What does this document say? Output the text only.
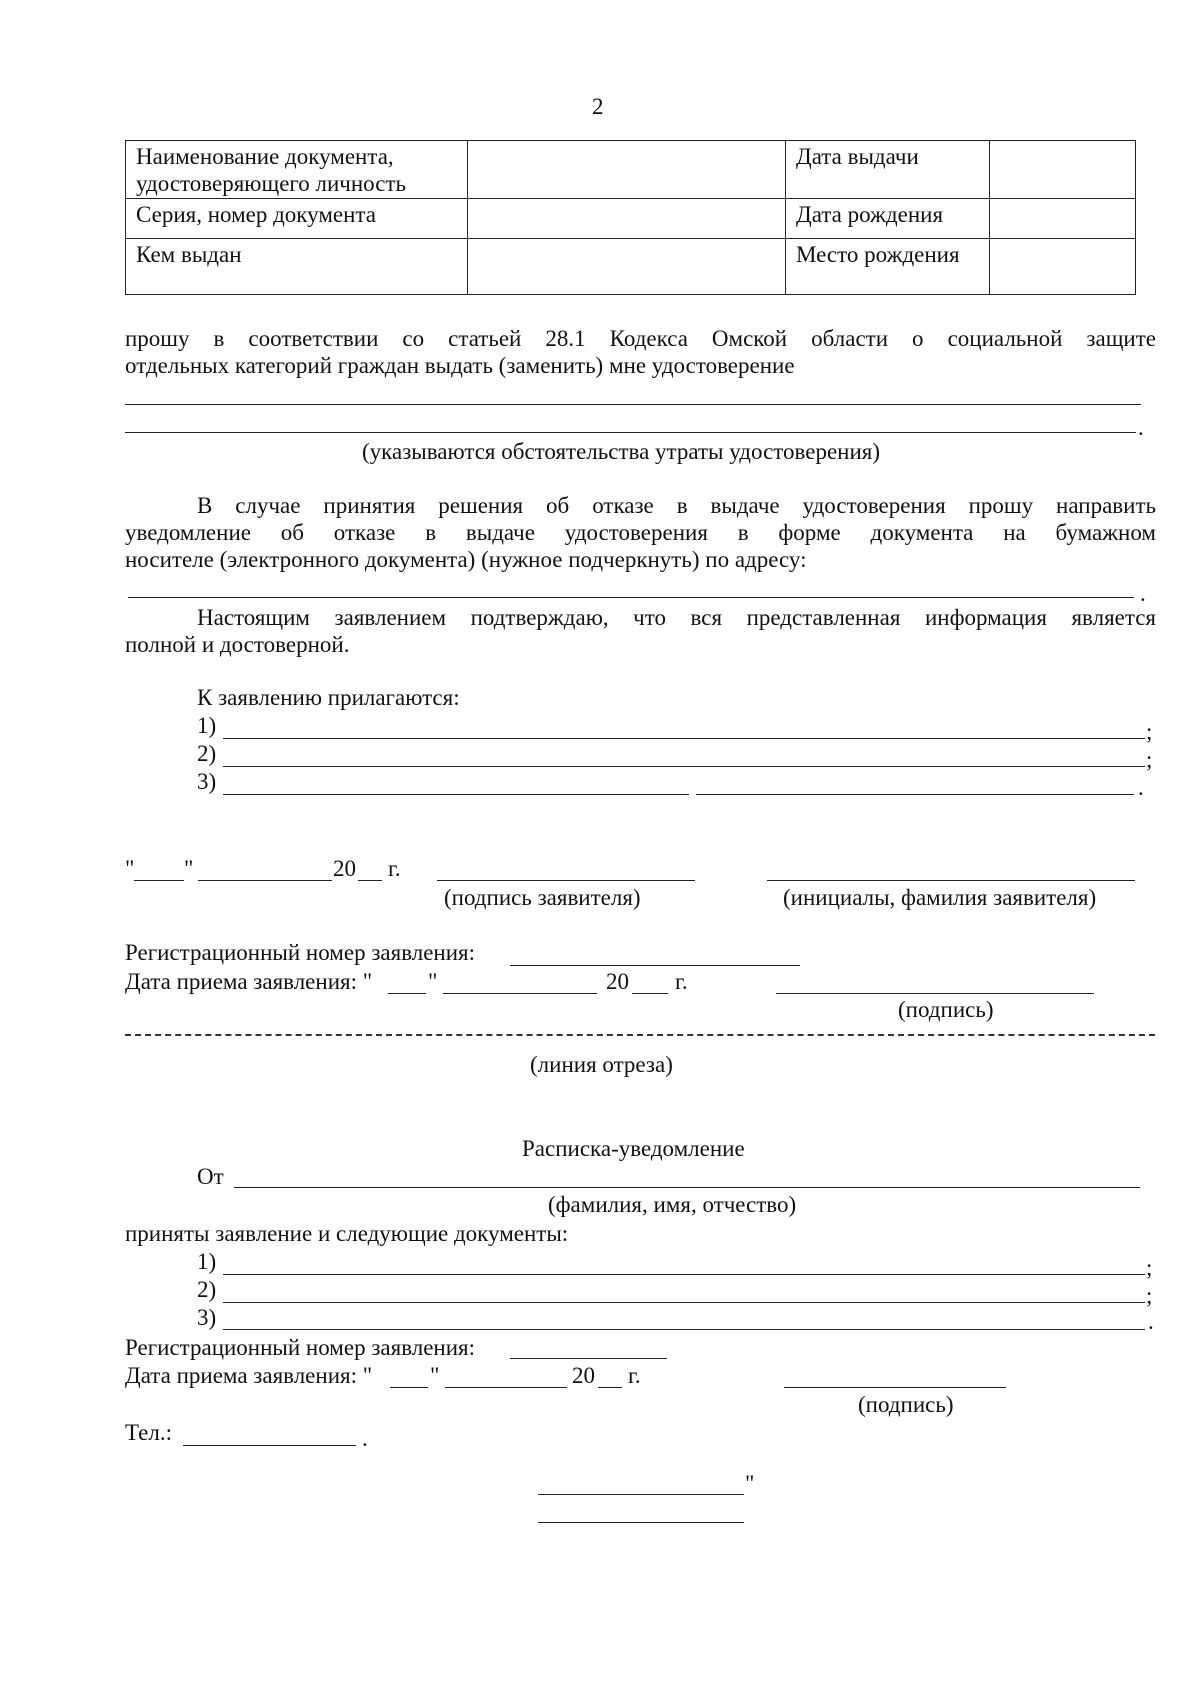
2
Наименование документа, удостоверяющего личность		Дата выдачи	
Серия, номер документа		Дата рождения	
Кем выдан		Место рождения	
прошу в соответствии со статьей 28.1 Кодекса Омской области о социальной защите
отдельных категорий граждан выдать (заменить) мне удостоверение
.
(указываются обстоятельства утраты удостоверения)
В случае принятия решения об отказе в выдаче удостоверения прошу направить
уведомление об отказе в выдаче удостоверения в форме документа на бумажном
носителе (электронного документа) (нужное подчеркнуть) по адресу:
.
Настоящим заявлением подтверждаю, что вся представленная информация является
полной и достоверной.
К заявлению прилагаются:
1)	;
2)	;
3)	.
" "	20 г.
(подпись заявителя)	(инициалы, фамилия заявителя)
Регистрационный номер заявления:
Дата приема заявления: " "	20 г.
(подпись)
(линия отреза)
Расписка-уведомление
От
(фамилия, имя, отчество)
приняты заявление и следующие документы:
1)	;
2)	;
3)	.
Регистрационный номер заявления:
Дата приема заявления: "	"	20 г.
(подпись)
Тел.:	.
"
